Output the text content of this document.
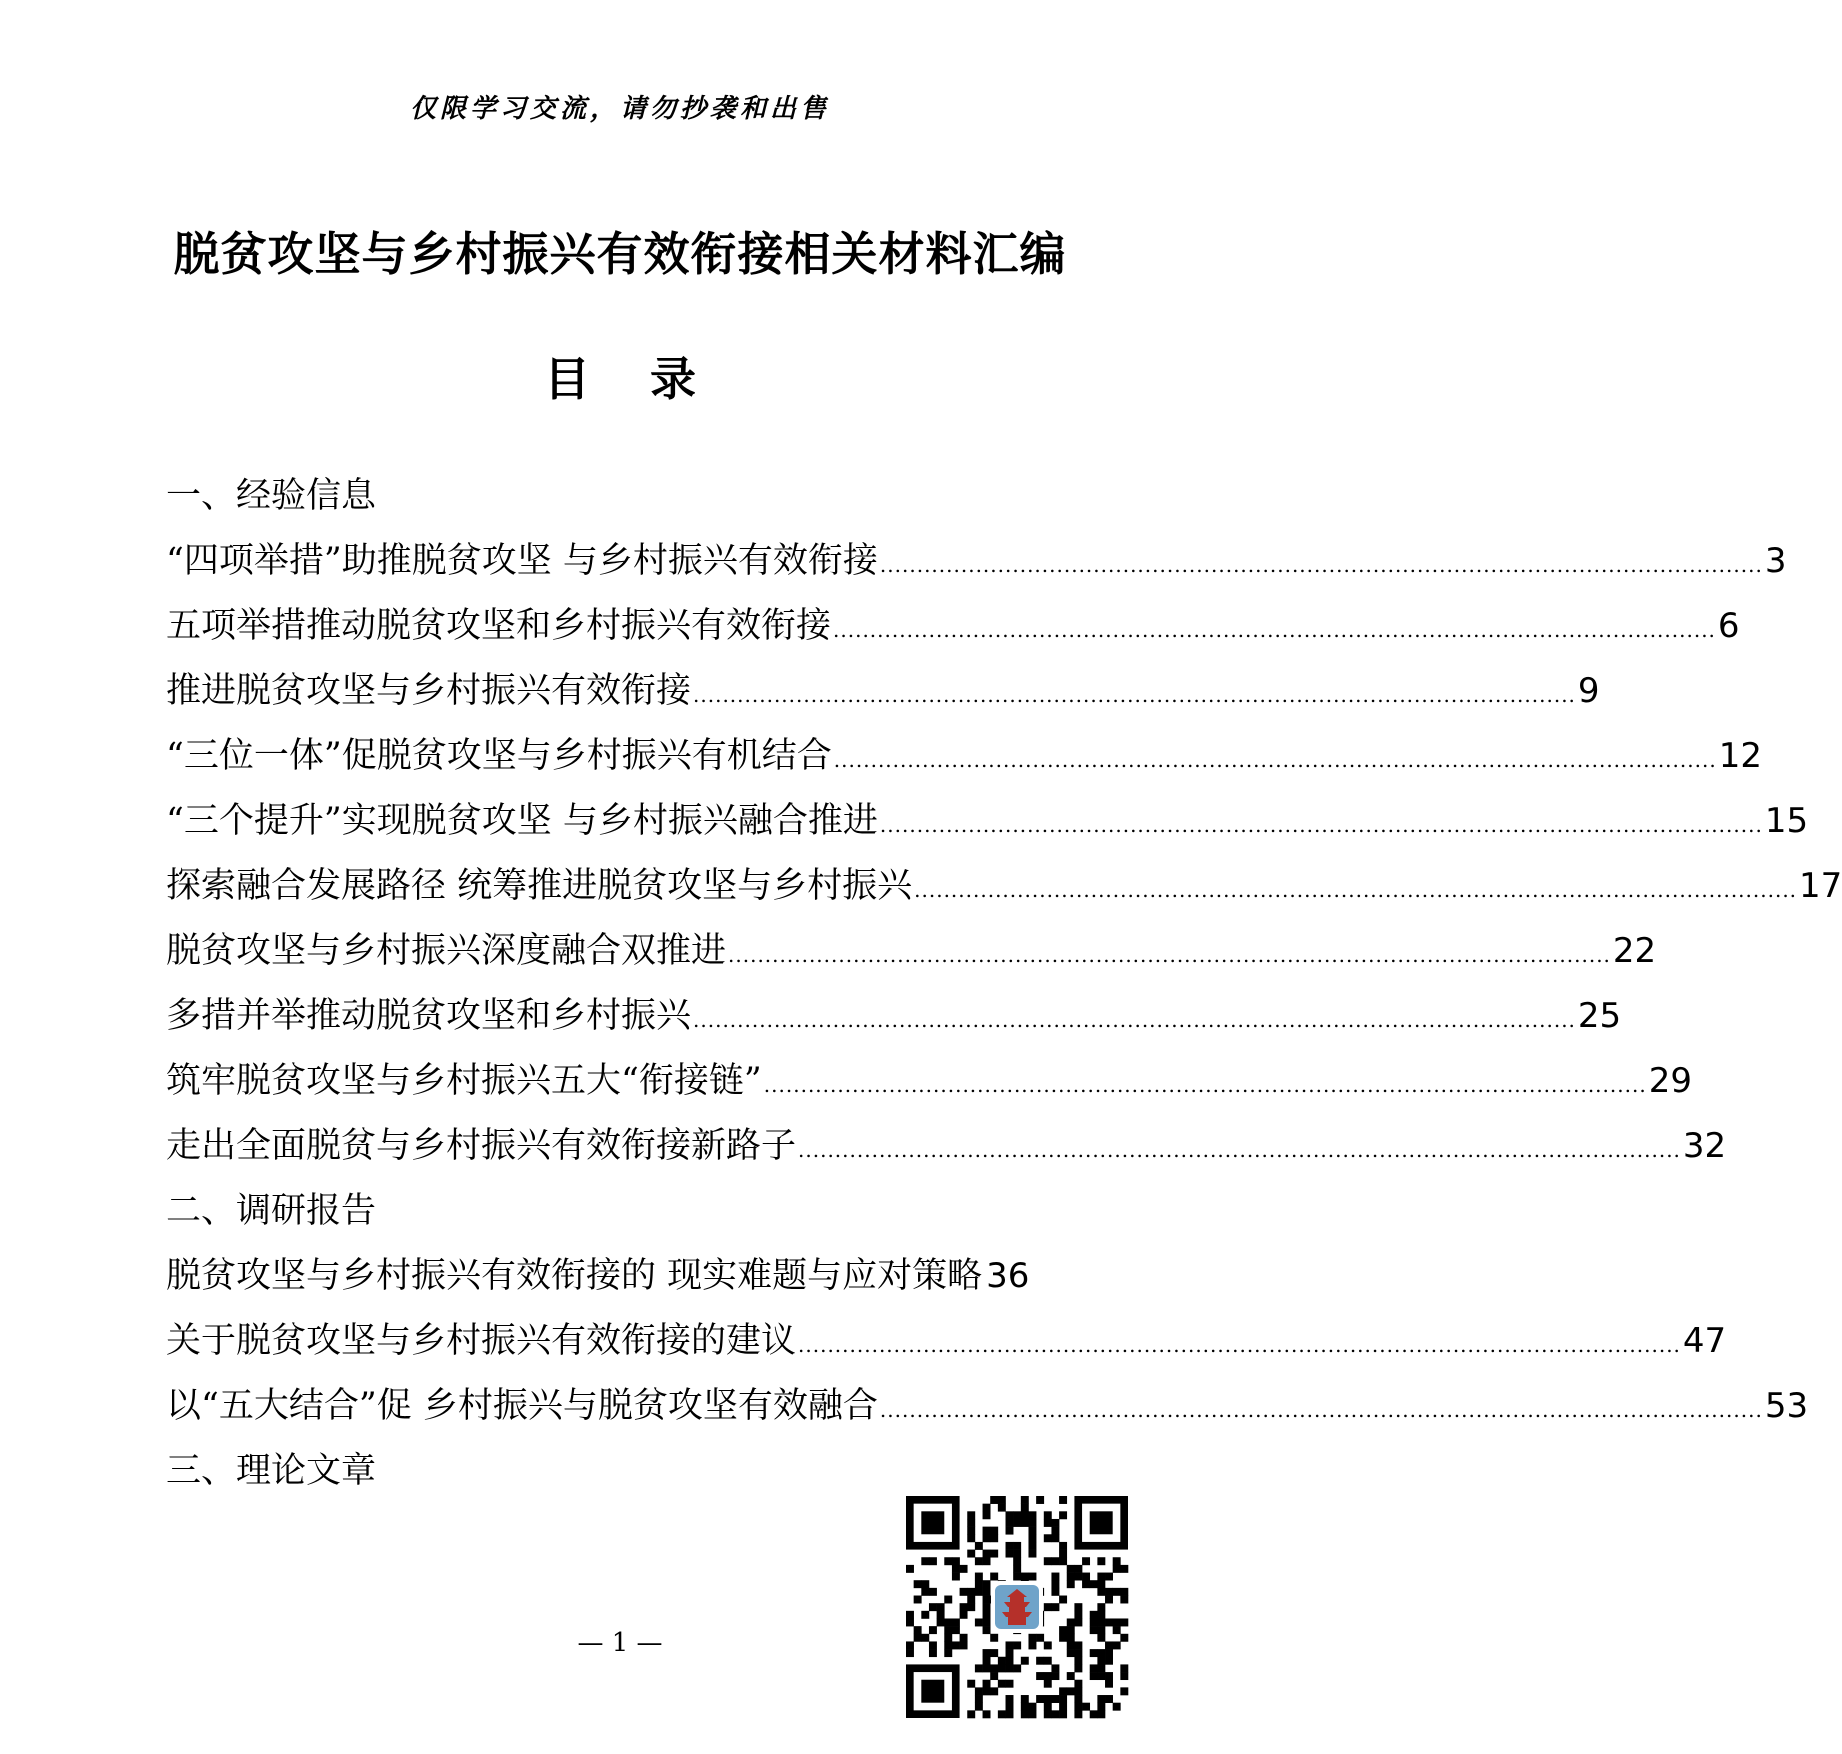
仅限学习交流，请勿抄袭和出售
脱贫攻坚与乡村振兴有效衔接相关材料汇编
目 录
一、经验信息
“四项举措”助推脱贫攻坚 与乡村振兴有效衔接 ........................................................................................................................ 3
五项举措推动脱贫攻坚和乡村振兴有效衔接 ........................................................................................................................ 6
推进脱贫攻坚与乡村振兴有效衔接 ........................................................................................................................ 9
“三位一体”促脱贫攻坚与乡村振兴有机结合 ........................................................................................................................ 12
“三个提升”实现脱贫攻坚 与乡村振兴融合推进 ........................................................................................................................ 15
探索融合发展路径 统筹推进脱贫攻坚与乡村振兴 ........................................................................................................................ 17
脱贫攻坚与乡村振兴深度融合双推进 ........................................................................................................................ 22
多措并举推动脱贫攻坚和乡村振兴 ........................................................................................................................ 25
筑牢脱贫攻坚与乡村振兴五大“衔接链” ........................................................................................................................ 29
走出全面脱贫与乡村振兴有效衔接新路子 ........................................................................................................................ 32
二、调研报告
脱贫攻坚与乡村振兴有效衔接的 现实难题与应对策略 36
关于脱贫攻坚与乡村振兴有效衔接的建议 ........................................................................................................................ 47
以“五大结合”促 乡村振兴与脱贫攻坚有效融合 ........................................................................................................................ 53
三、理论文章
— 1 —
